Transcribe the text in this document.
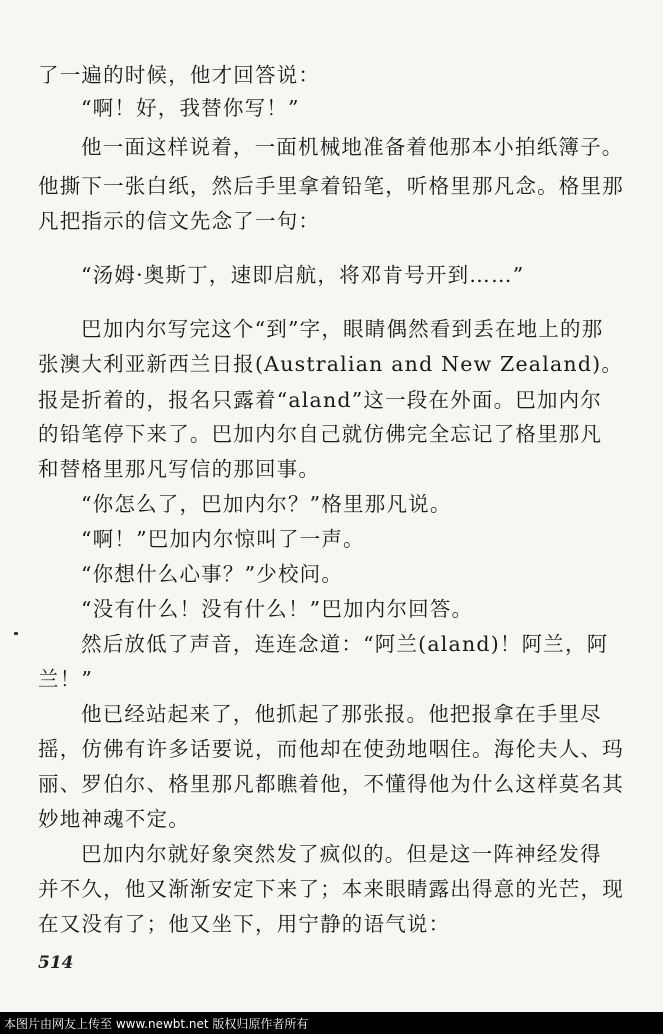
了一遍的时候，他才回答说：
“啊！好，我替你写！”
他一面这样说着，一面机械地准备着他那本小拍纸簿子。
他撕下一张白纸，然后手里拿着铅笔，听格里那凡念。格里那
凡把指示的信文先念了一句：
“汤姆·奥斯丁，速即启航，将邓肯号开到……”
巴加内尔写完这个“到”字，眼睛偶然看到丢在地上的那
张澳大利亚新西兰日报(Australian and New Zealand)。
报是折着的，报名只露着“aland”这一段在外面。巴加内尔
的铅笔停下来了。巴加内尔自己就仿佛完全忘记了格里那凡
和替格里那凡写信的那回事。
“你怎么了，巴加内尔？”格里那凡说。
“啊！”巴加内尔惊叫了一声。
“你想什么心事？”少校问。
“没有什么！没有什么！”巴加内尔回答。
然后放低了声音，连连念道：“阿兰(aland)！阿兰，阿
兰！”
他已经站起来了，他抓起了那张报。他把报拿在手里尽
摇，仿佛有许多话要说，而他却在使劲地咽住。海伦夫人、玛
丽、罗伯尔、格里那凡都瞧着他，不懂得他为什么这样莫名其
妙地神魂不定。
巴加内尔就好象突然发了疯似的。但是这一阵神经发得
并不久，他又渐渐安定下来了；本来眼睛露出得意的光芒，现
在又没有了；他又坐下，用宁静的语气说：
514
本图片由网友上传至 www.newbt.net 版权归原作者所有
